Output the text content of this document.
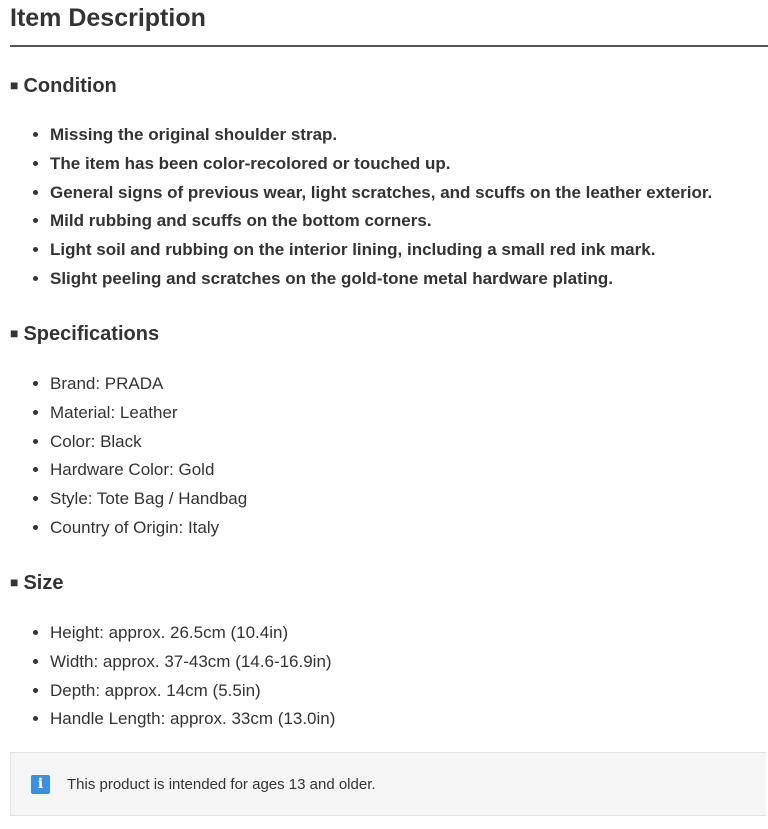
Item Description
■ Condition
• Missing the original shoulder strap.
• The item has been color-recolored or touched up.
• General signs of previous wear, light scratches, and scuffs on the leather exterior.
• Mild rubbing and scuffs on the bottom corners.
• Light soil and rubbing on the interior lining, including a small red ink mark.
• Slight peeling and scratches on the gold-tone metal hardware plating.
■ Specifications
• Brand: PRADA
• Material: Leather
• Color: Black
• Hardware Color: Gold
• Style: Tote Bag / Handbag
• Country of Origin: Italy
■ Size
• Height: approx. 26.5cm (10.4in)
• Width: approx. 37-43cm (14.6-16.9in)
• Depth: approx. 14cm (5.5in)
• Handle Length: approx. 33cm (13.0in)
i	This product is intended for ages 13 and older.
